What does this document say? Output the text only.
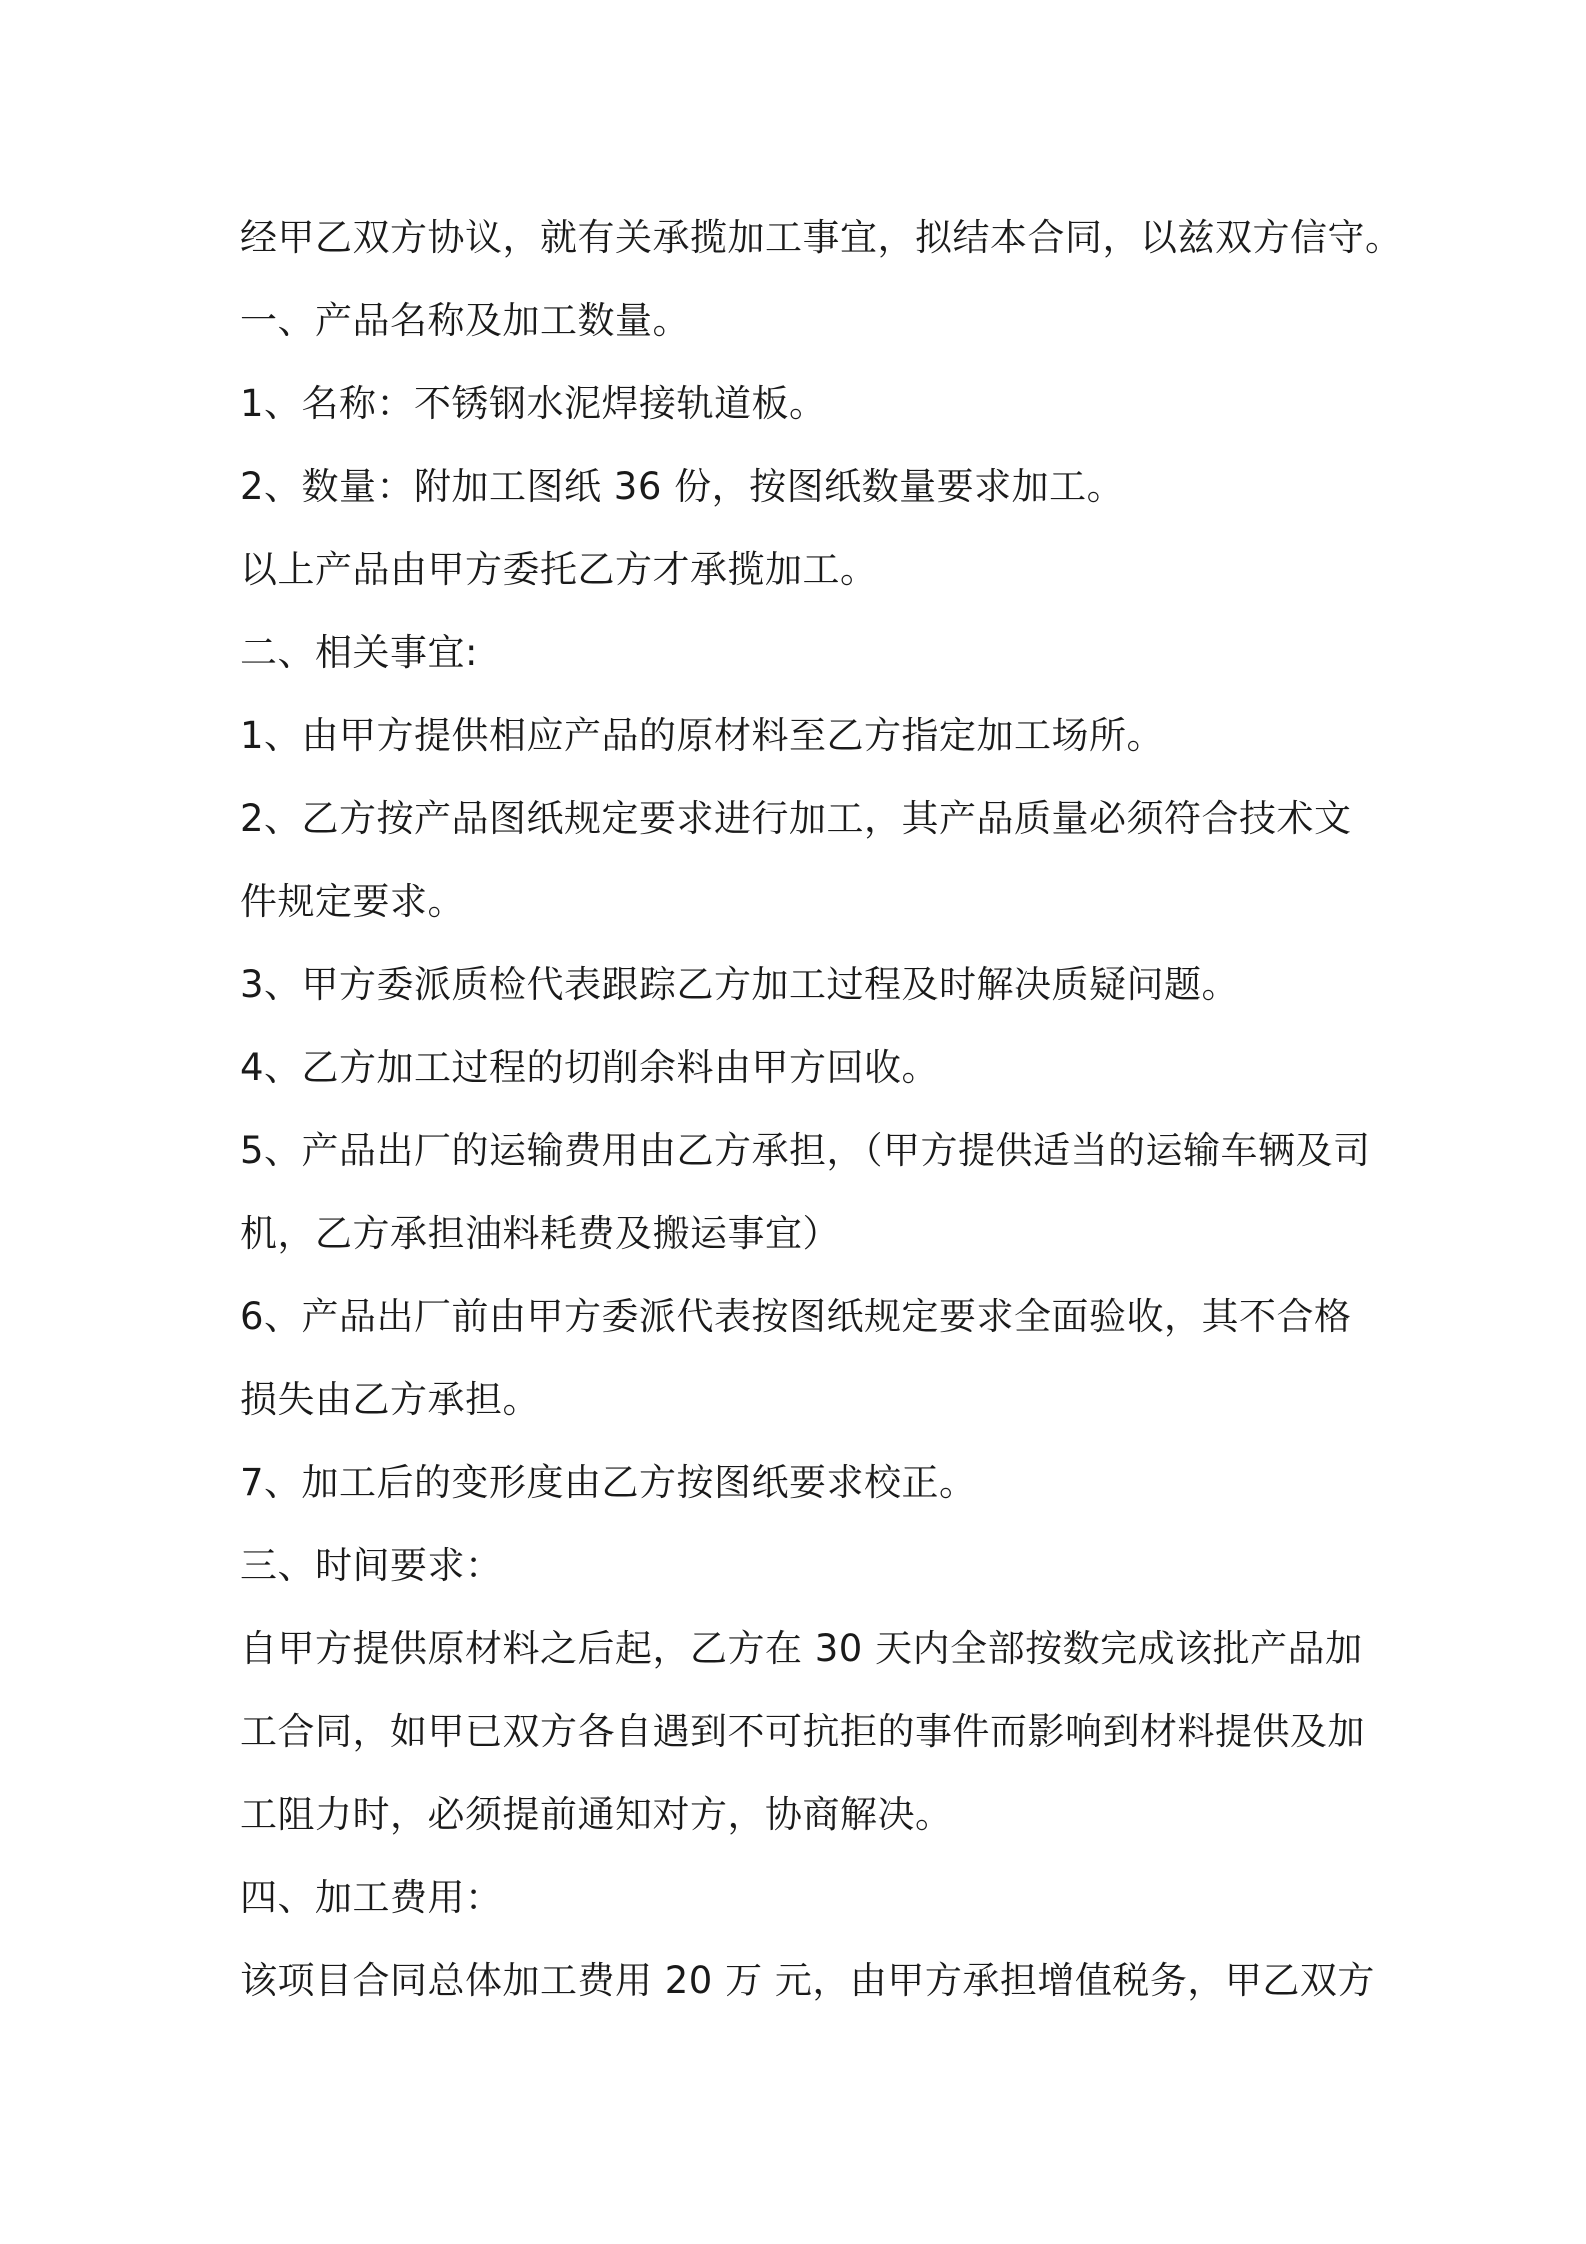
经甲乙双方协议，就有关承揽加工事宜，拟结本合同，以兹双方信守。
一、产品名称及加工数量。
1、名称：不锈钢水泥焊接轨道板。
2、数量：附加工图纸 36 份，按图纸数量要求加工。
以上产品由甲方委托乙方才承揽加工。
二、相关事宜:
1、由甲方提供相应产品的原材料至乙方指定加工场所。
2、乙方按产品图纸规定要求进行加工，其产品质量必须符合技术文
件规定要求。
3、甲方委派质检代表跟踪乙方加工过程及时解决质疑问题。
4、乙方加工过程的切削余料由甲方回收。
5、产品出厂的运输费用由乙方承担，（甲方提供适当的运输车辆及司
机，乙方承担油料耗费及搬运事宜）
6、产品出厂前由甲方委派代表按图纸规定要求全面验收，其不合格
损失由乙方承担。
7、加工后的变形度由乙方按图纸要求校正。
三、时间要求：
自甲方提供原材料之后起，乙方在 30 天内全部按数完成该批产品加
工合同，如甲已双方各自遇到不可抗拒的事件而影响到材料提供及加
工阻力时，必须提前通知对方，协商解决。
四、加工费用：
该项目合同总体加工费用 20 万 元，由甲方承担增值税务，甲乙双方
